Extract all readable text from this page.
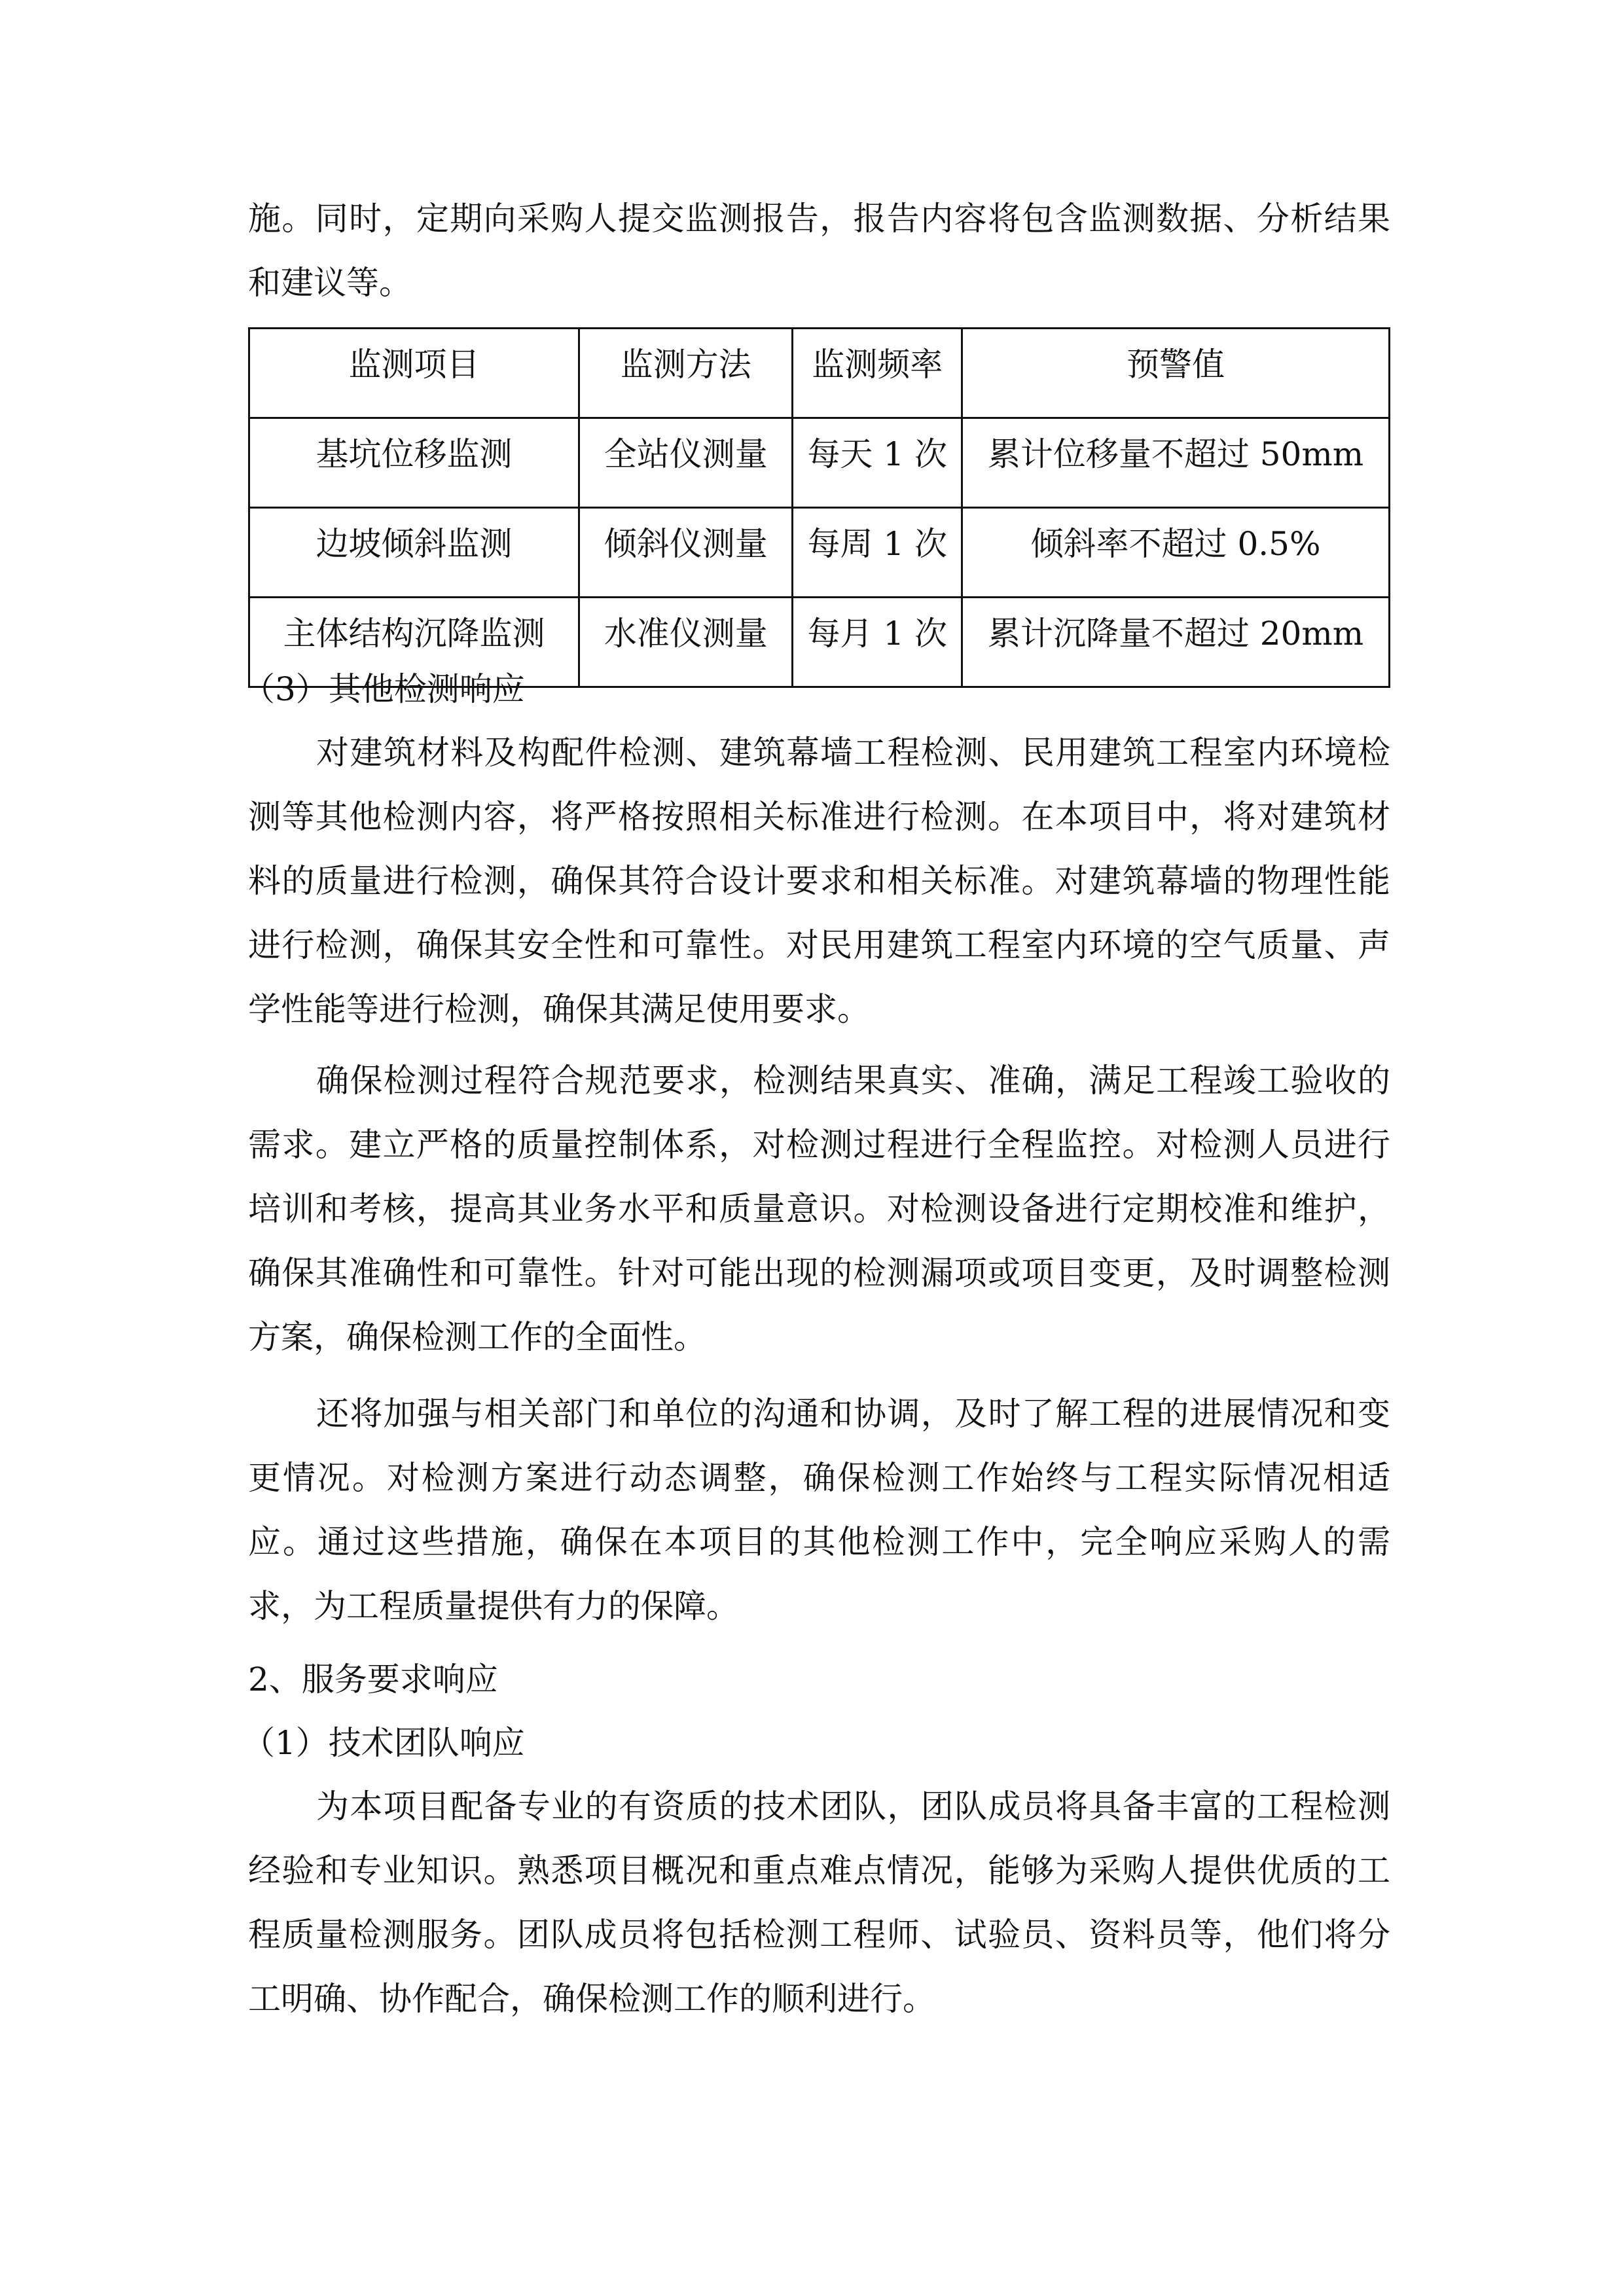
施。同时，定期向采购人提交监测报告，报告内容将包含监测数据、分析结果
和建议等。
监测项目	监测方法	监测频率	预警值
基坑位移监测	全站仪测量	每天 1 次	累计位移量不超过 50mm
边坡倾斜监测	倾斜仪测量	每周 1 次	倾斜率不超过 0.5%
主体结构沉降监测	水准仪测量	每月 1 次	累计沉降量不超过 20mm
（3）其他检测响应
对建筑材料及构配件检测、建筑幕墙工程检测、民用建筑工程室内环境检
测等其他检测内容，将严格按照相关标准进行检测。在本项目中，将对建筑材
料的质量进行检测，确保其符合设计要求和相关标准。对建筑幕墙的物理性能
进行检测，确保其安全性和可靠性。对民用建筑工程室内环境的空气质量、声
学性能等进行检测，确保其满足使用要求。
确保检测过程符合规范要求，检测结果真实、准确，满足工程竣工验收的
需求。建立严格的质量控制体系，对检测过程进行全程监控。对检测人员进行
培训和考核，提高其业务水平和质量意识。对检测设备进行定期校准和维护，
确保其准确性和可靠性。针对可能出现的检测漏项或项目变更，及时调整检测
方案，确保检测工作的全面性。
还将加强与相关部门和单位的沟通和协调，及时了解工程的进展情况和变
更情况。对检测方案进行动态调整，确保检测工作始终与工程实际情况相适
应。通过这些措施，确保在本项目的其他检测工作中，完全响应采购人的需
求，为工程质量提供有力的保障。
2、服务要求响应
（1）技术团队响应
为本项目配备专业的有资质的技术团队，团队成员将具备丰富的工程检测
经验和专业知识。熟悉项目概况和重点难点情况，能够为采购人提供优质的工
程质量检测服务。团队成员将包括检测工程师、试验员、资料员等，他们将分
工明确、协作配合，确保检测工作的顺利进行。
